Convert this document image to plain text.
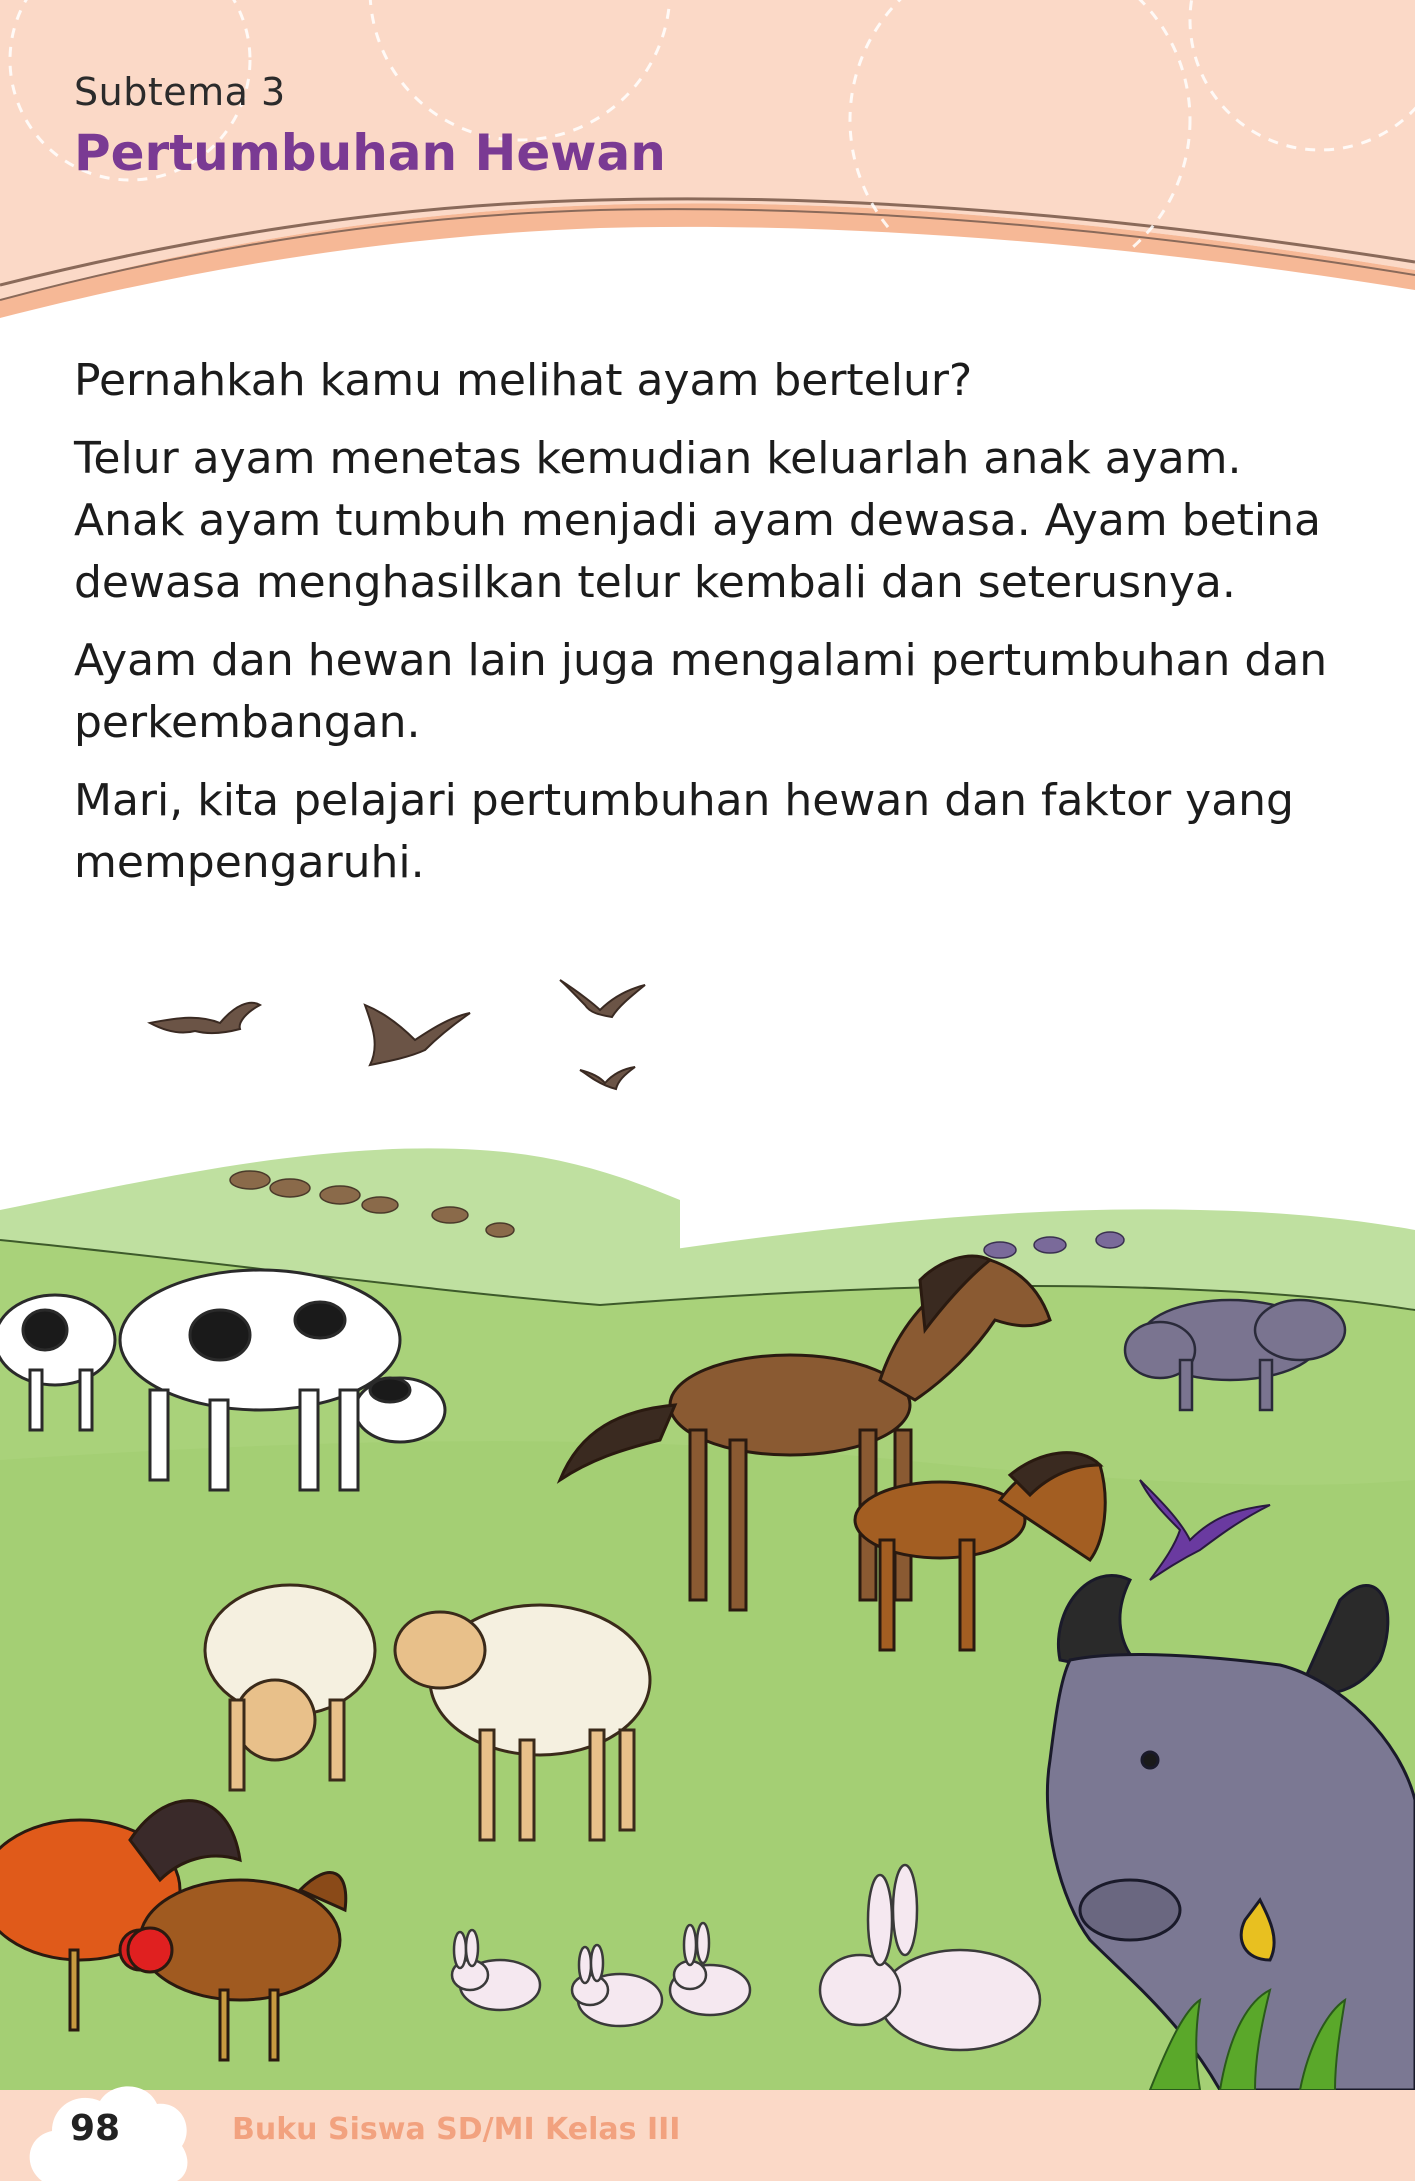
Subtema 3
Pertumbuhan Hewan

Pernahkah kamu melihat ayam bertelur?

Telur ayam menetas kemudian keluarlah anak ayam. Anak ayam tumbuh menjadi ayam dewasa. Ayam betina dewasa menghasilkan telur kembali dan seterusnya.

Ayam dan hewan lain juga mengalami pertumbuhan dan perkembangan.

Mari, kita pelajari pertumbuhan hewan dan faktor yang mempengaruhi.

98	Buku Siswa SD/MI Kelas III
